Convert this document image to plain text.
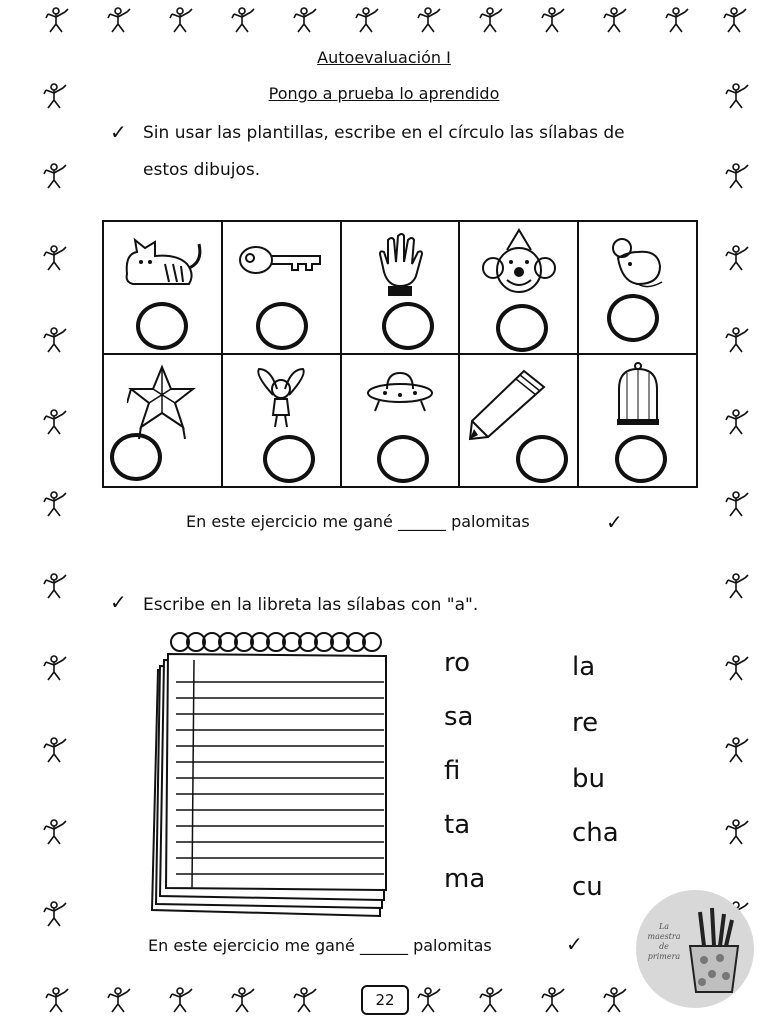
Autoevaluación I
Pongo a prueba lo aprendido
✓ Sin usar las plantillas, escribe en el círculo las sílabas de
estos dibujos.

En este ejercicio me gané ______ palomitas	✓
✓ Escribe en la libreta las sílabas con "a".
ro
sa
fi
ta
ma
la
re
bu
cha
cu
En este ejercicio me gané ______ palomitas	✓
22
La maestra de primera
